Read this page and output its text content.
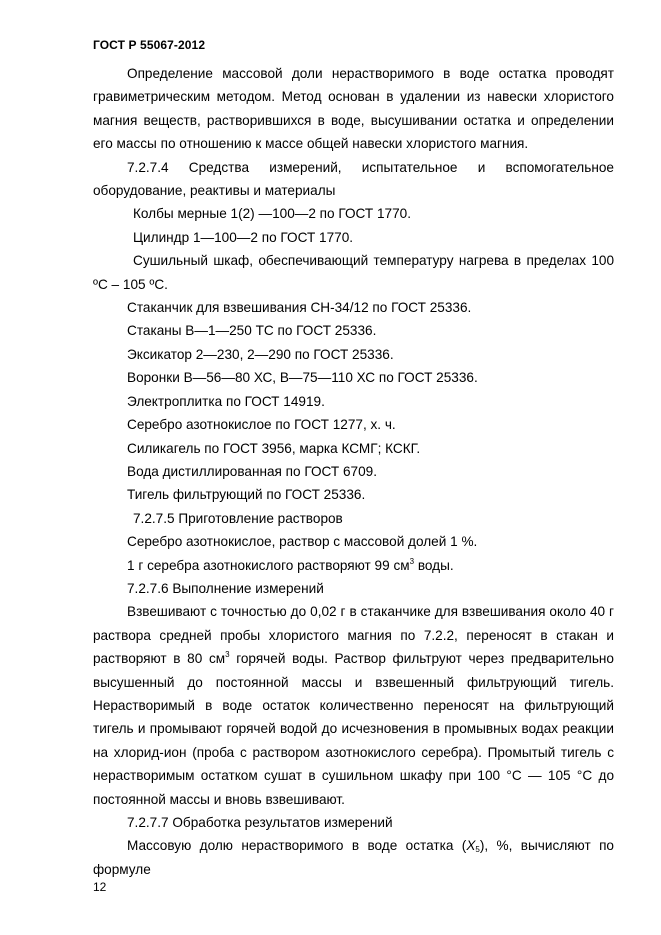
ГОСТ Р 55067-2012

Определение массовой доли нерастворимого в воде остатка проводят гравиметрическим методом. Метод основан в удалении из навески хлористого магния веществ, растворившихся в воде, высушивании остатка и определении его массы по отношению к массе общей навески хлористого магния.

7.2.7.4 Средства измерений, испытательное и вспомогательное

оборудование, реактивы и материалы

Колбы мерные 1(2) —100—2 по ГОСТ 1770.

Цилиндр 1—100—2 по ГОСТ 1770.

Сушильный шкаф, обеспечивающий температуру нагрева в пределах 100 ºС – 105 ºС.

Стаканчик для взвешивания СН-34/12 по ГОСТ 25336.

Стаканы В—1—250 ТС по ГОСТ 25336.

Эксикатор 2—230, 2—290 по ГОСТ 25336.

Воронки В—56—80 ХС, В—75—110 ХС по ГОСТ 25336.

Электроплитка по ГОСТ 14919.

Серебро азотнокислое по ГОСТ 1277, х. ч.

Силикагель по ГОСТ 3956, марка КСМГ; КСКГ.

Вода дистиллированная по ГОСТ 6709.

Тигель фильтрующий по ГОСТ 25336.

7.2.7.5 Приготовление растворов

Серебро азотнокислое, раствор с массовой долей 1 %.

1 г серебра азотнокислого растворяют 99 $см^3$ воды.

7.2.7.6 Выполнение измерений

Взвешивают с точностью до 0,02 г в стаканчике для взвешивания около 40 г раствора средней пробы хлористого магния по 7.2.2, переносят в стакан и растворяют в 80 $см^3$ горячей воды. Раствор фильтруют через предварительно высушенный до постоянной массы и взвешенный фильтрующий тигель. Нерастворимый в воде остаток количественно переносят на фильтрующий тигель и промывают горячей водой до исчезновения в промывных водах реакции на хлорид-ион (проба с раствором азотнокислого серебра). Промытый тигель с нерастворимым остатком сушат в сушильном шкафу при 100 °С — 105 °С до постоянной массы и вновь взвешивают.

7.2.7.7 Обработка результатов измерений

Массовую долю нерастворимого в воде остатка $(X_5)$, %, вычисляют по формуле

12
